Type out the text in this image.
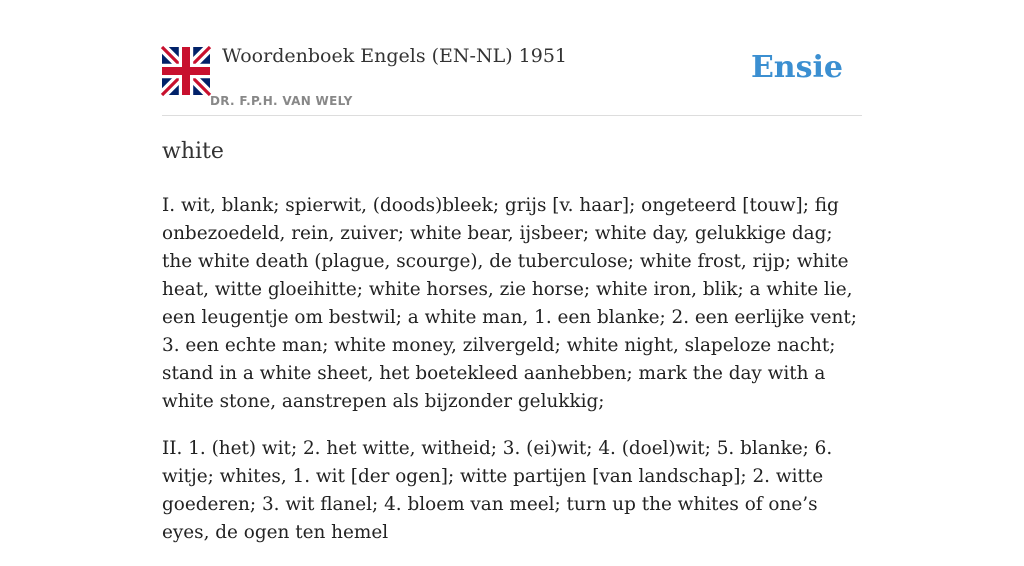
Woordenboek Engels (EN-NL) 1951
DR. F.P.H. VAN WELY
Ensie
white

I. wit, blank; spierwit, (doods)bleek; grijs [v. haar]; ongeteerd [touw]; fig onbezoedeld, rein, zuiver; white bear, ijsbeer; white day, gelukkige dag; the white death (plague, scourge), de tuberculose; white frost, rijp; white heat, witte gloeihitte; white horses, zie horse; white iron, blik; a white lie, een leugentje om bestwil; a white man, 1. een blanke; 2. een eerlijke vent; 3. een echte man; white money, zilvergeld; white night, slapeloze nacht; stand in a white sheet, het boetekleed aanhebben; mark the day with a white stone, aanstrepen als bijzonder gelukkig;

II. 1. (het) wit; 2. het witte, witheid; 3. (ei)wit; 4. (doel)wit; 5. blanke; 6. witje; whites, 1. wit [der ogen]; witte partijen [van landschap]; 2. witte goederen; 3. wit flanel; 4. bloem van meel; turn up the whites of one’s eyes, de ogen ten hemel
